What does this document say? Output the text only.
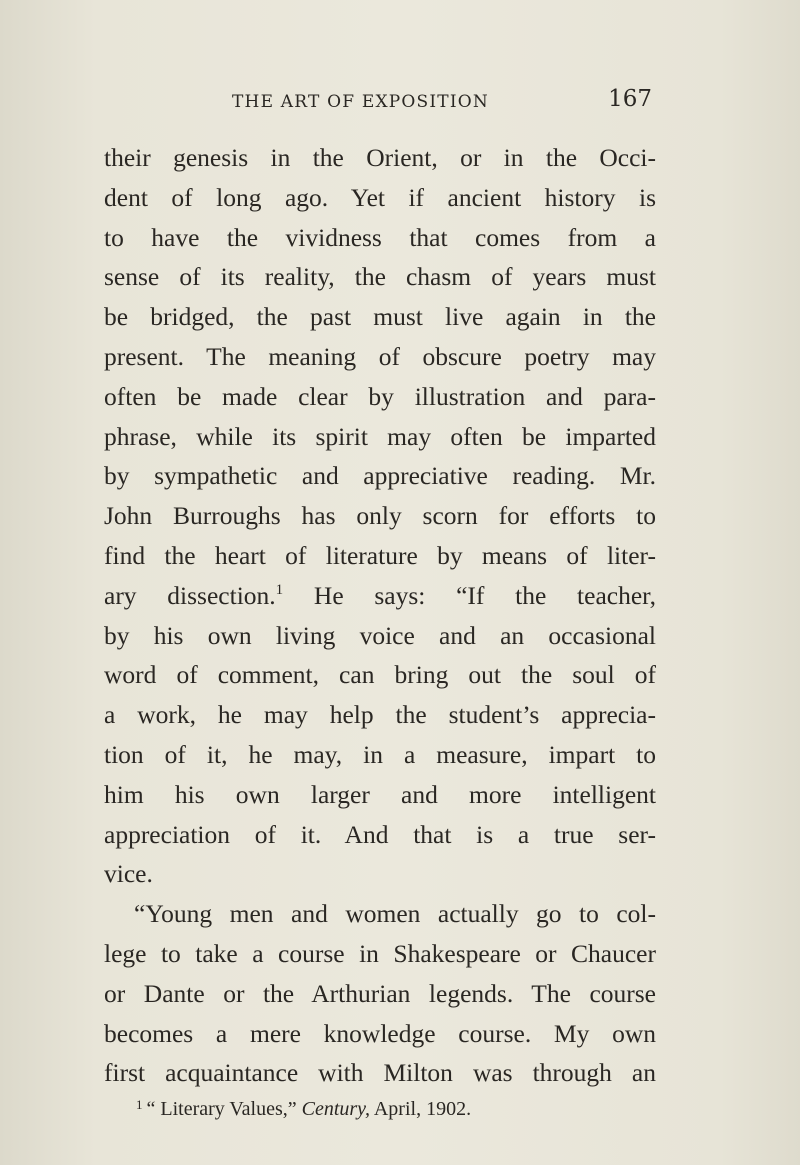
THE ART OF EXPOSITION	167
their genesis in the Orient, or in the Occi-
dent of long ago. Yet if ancient history is
to have the vividness that comes from a
sense of its reality, the chasm of years must
be bridged, the past must live again in the
present. The meaning of obscure poetry may
often be made clear by illustration and para-
phrase, while its spirit may often be imparted
by sympathetic and appreciative reading. Mr.
John Burroughs has only scorn for efforts to
find the heart of literature by means of liter-
ary dissection.$^1$ He says: “If the teacher,
by his own living voice and an occasional
word of comment, can bring out the soul of
a work, he may help the student’s apprecia-
tion of it, he may, in a measure, impart to
him his own larger and more intelligent
appreciation of it. And that is a true ser-
vice.
“Young men and women actually go to col-
lege to take a course in Shakespeare or Chaucer
or Dante or the Arthurian legends. The course
becomes a mere knowledge course. My own
first acquaintance with Milton was through an
$^1$ “ Literary Values,” Century, April, 1902.
